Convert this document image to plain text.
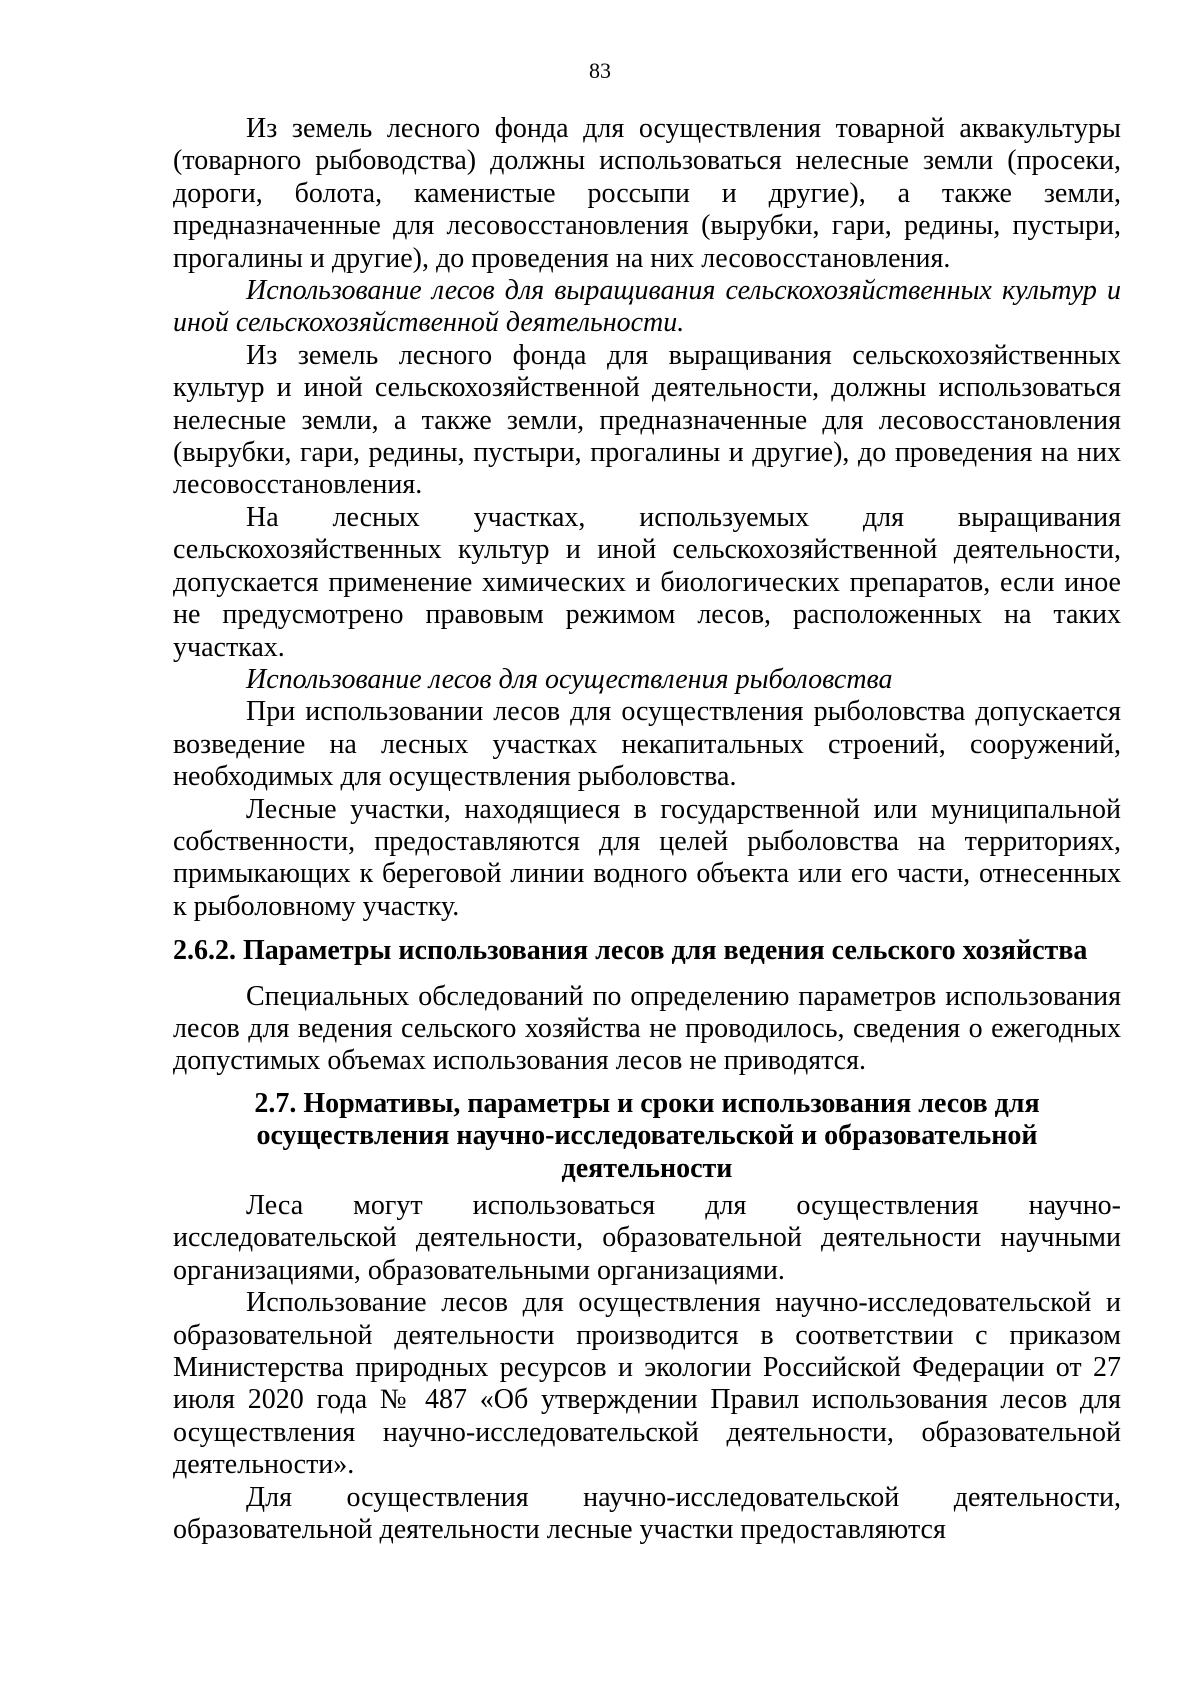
83

Из земель лесного фонда для осуществления товарной аквакультуры (товарного рыбоводства) должны использоваться нелесные земли (просеки, дороги, болота, каменистые россыпи и другие), а также земли, предназначенные для лесовосстановления (вырубки, гари, редины, пустыри, прогалины и другие), до проведения на них лесовосстановления.

Использование лесов для выращивания сельскохозяйственных культур и иной сельскохозяйственной деятельности.

Из земель лесного фонда для выращивания сельскохозяйственных культур и иной сельскохозяйственной деятельности, должны использоваться нелесные земли, а также земли, предназначенные для лесовосстановления (вырубки, гари, редины, пустыри, прогалины и другие), до проведения на них лесовосстановления.

На лесных участках, используемых для выращивания сельскохозяйственных культур и иной сельскохозяйственной деятельности, допускается применение химических и биологических препаратов, если иное не предусмотрено правовым режимом лесов, расположенных на таких участках.

Использование лесов для осуществления рыболовства

При использовании лесов для осуществления рыболовства допускается возведение на лесных участках некапитальных строений, сооружений, необходимых для осуществления рыболовства.

Лесные участки, находящиеся в государственной или муниципальной собственности, предоставляются для целей рыболовства на территориях, примыкающих к береговой линии водного объекта или его части, отнесенных к рыболовному участку.

2.6.2. Параметры использования лесов для ведения сельского хозяйства

Специальных обследований по определению параметров использования лесов для ведения сельского хозяйства не проводилось, сведения о ежегодных допустимых объемах использования лесов не приводятся.

2.7. Нормативы, параметры и сроки использования лесов для
осуществления научно-исследовательской и образовательной
деятельности

Леса могут использоваться для осуществления научно-исследовательской деятельности, образовательной деятельности научными организациями, образовательными организациями.

Использование лесов для осуществления научно-исследовательской и образовательной деятельности производится в соответствии с приказом Министерства природных ресурсов и экологии Российской Федерации от 27 июля 2020 года № 487 «Об утверждении Правил использования лесов для осуществления научно-исследовательской деятельности, образовательной деятельности».

Для осуществления научно-исследовательской деятельности, образовательной деятельности лесные участки предоставляются
